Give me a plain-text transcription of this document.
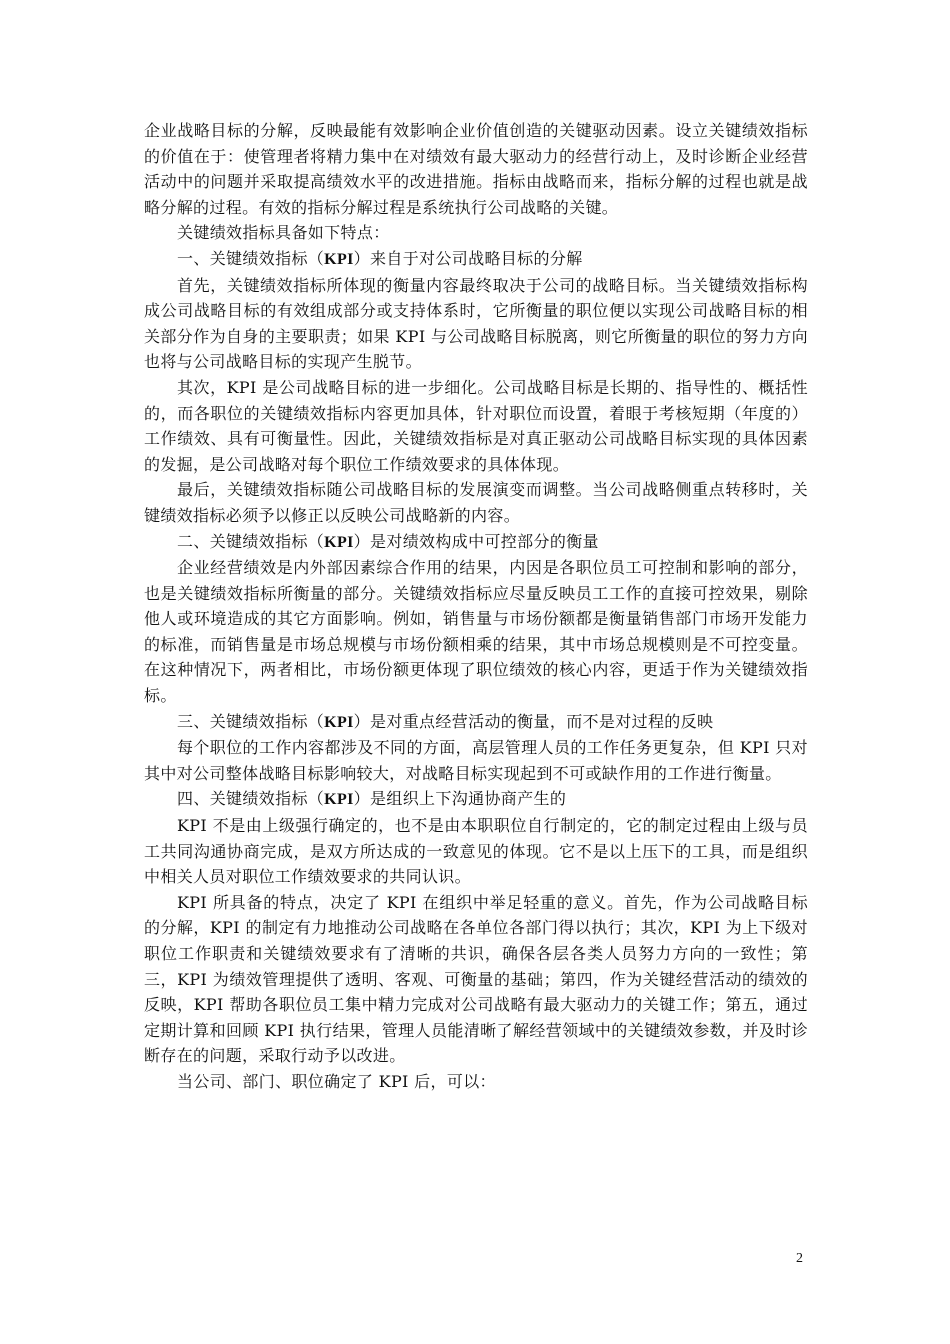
企业战略目标的分解，反映最能有效影响企业价值创造的关键驱动因素。设立关键绩效指标的价值在于：使管理者将精力集中在对绩效有最大驱动力的经营行动上，及时诊断企业经营活动中的问题并采取提高绩效水平的改进措施。指标由战略而来，指标分解的过程也就是战略分解的过程。有效的指标分解过程是系统执行公司战略的关键。

关键绩效指标具备如下特点：

一、关键绩效指标（KPI）来自于对公司战略目标的分解

首先，关键绩效指标所体现的衡量内容最终取决于公司的战略目标。当关键绩效指标构成公司战略目标的有效组成部分或支持体系时，它所衡量的职位便以实现公司战略目标的相关部分作为自身的主要职责；如果 KPI 与公司战略目标脱离，则它所衡量的职位的努力方向也将与公司战略目标的实现产生脱节。

其次，KPI 是公司战略目标的进一步细化。公司战略目标是长期的、指导性的、概括性的，而各职位的关键绩效指标内容更加具体，针对职位而设置，着眼于考核短期（年度的）工作绩效、具有可衡量性。因此，关键绩效指标是对真正驱动公司战略目标实现的具体因素的发掘，是公司战略对每个职位工作绩效要求的具体体现。

最后，关键绩效指标随公司战略目标的发展演变而调整。当公司战略侧重点转移时，关键绩效指标必须予以修正以反映公司战略新的内容。

二、关键绩效指标（KPI）是对绩效构成中可控部分的衡量

企业经营绩效是内外部因素综合作用的结果，内因是各职位员工可控制和影响的部分，也是关键绩效指标所衡量的部分。关键绩效指标应尽量反映员工工作的直接可控效果，剔除他人或环境造成的其它方面影响。例如，销售量与市场份额都是衡量销售部门市场开发能力的标准，而销售量是市场总规模与市场份额相乘的结果，其中市场总规模则是不可控变量。在这种情况下，两者相比，市场份额更体现了职位绩效的核心内容，更适于作为关键绩效指标。

三、关键绩效指标（KPI）是对重点经营活动的衡量，而不是对过程的反映

每个职位的工作内容都涉及不同的方面，高层管理人员的工作任务更复杂，但 KPI 只对其中对公司整体战略目标影响较大，对战略目标实现起到不可或缺作用的工作进行衡量。

四、关键绩效指标（KPI）是组织上下沟通协商产生的

KPI 不是由上级强行确定的，也不是由本职职位自行制定的，它的制定过程由上级与员工共同沟通协商完成，是双方所达成的一致意见的体现。它不是以上压下的工具，而是组织中相关人员对职位工作绩效要求的共同认识。

KPI 所具备的特点，决定了 KPI 在组织中举足轻重的意义。首先，作为公司战略目标的分解，KPI 的制定有力地推动公司战略在各单位各部门得以执行；其次，KPI 为上下级对职位工作职责和关键绩效要求有了清晰的共识，确保各层各类人员努力方向的一致性；第三，KPI 为绩效管理提供了透明、客观、可衡量的基础；第四，作为关键经营活动的绩效的反映，KPI 帮助各职位员工集中精力完成对公司战略有最大驱动力的关键工作；第五，通过定期计算和回顾 KPI 执行结果，管理人员能清晰了解经营领域中的关键绩效参数，并及时诊断存在的问题，采取行动予以改进。

当公司、部门、职位确定了 KPI 后，可以：

2
